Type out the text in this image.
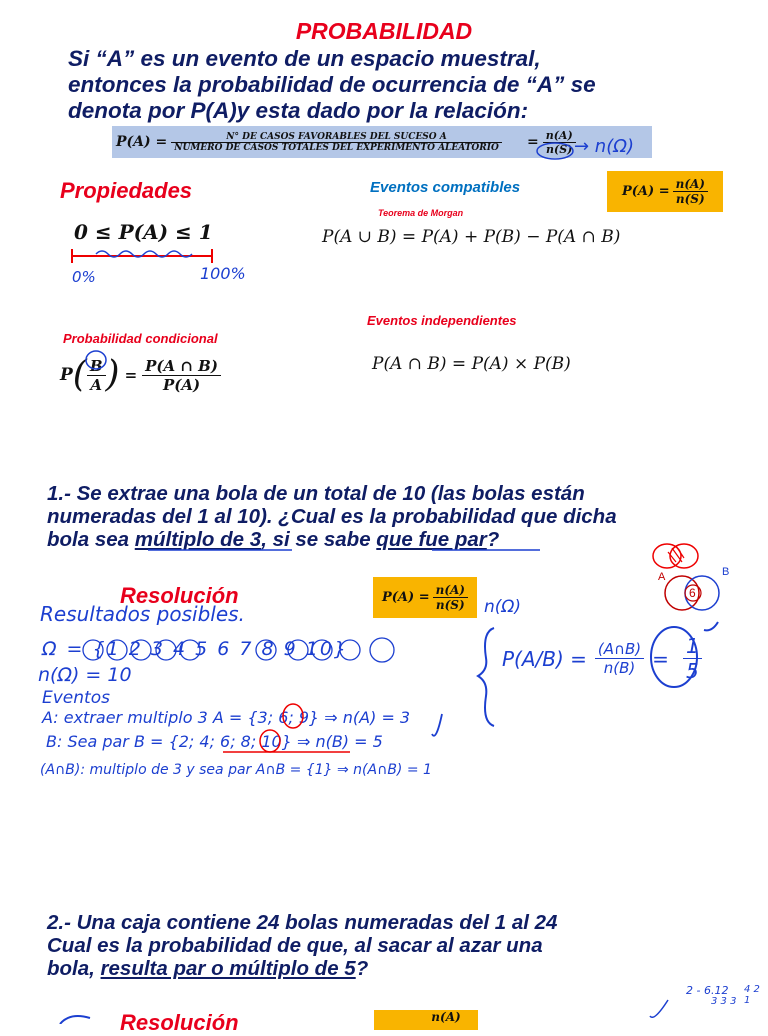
PROBABILIDAD
Si “A” es un evento de un espacio muestral,
entonces la probabilidad de ocurrencia de “A” se
denota por P(A)y esta dado por la relación:
$P(A) = \frac{\text{N° DE CASOS FAVORABLES DEL SUCESO A}}{\text{NUMERO DE CASOS TOTALES DEL EXPERIMENTO ALEATORIO}} = \frac{n(A)}{n(S)}$
→ n(Ω)
Propiedades
0 ≤ P(A) ≤ 1
0%	100%
Eventos compatibles
Teorema de Morgan
P(A ∪ B) = P(A) + P(B) − P(A ∩ B)
$P(A) = \frac{n(A)}{n(S)}$
Probabilidad condicional
P ( $\frac{B}{A}$ ) = $\frac{P(A \cap B)}{P(A)}$
Eventos independientes
P(A ∩ B) = P(A) × P(B)
1.- Se extrae una bola de un total de 10 (las bolas están
numeradas del 1 al 10). ¿Cual es la probabilidad que dicha
bola sea múltiplo de 3, si se sabe que fue par?
Resolución	$P(A) = \frac{n(A)}{n(S)} n(\Omega)$
Resultados posibles.
Ω = {1 2 3 4 5 6 7 8 9 10}
n(Ω) = 10
Eventos
A: extraer multiplo 3 A = {3; 6; 9} ⇒ n(A) = 3
B: Sea par B = {2; 4; 6; 8; 10} ⇒ n(B) = 5
(A∩B): multiplo de 3 y sea par A∩B = {1} ⇒ n(A∩B) = 1
$P(A/B) = \frac{(A\cap B)}{n(B)} = \frac{1}{5}$
A	B
6
2.- Una caja contiene 24 bolas numeradas del 1 al 24
Cual es la probabilidad de que, al sacar al azar una
bola, resulta par o múltiplo de 5?
2 - 6.12
3 3 3
4 2 1
Resolución	n(A)
